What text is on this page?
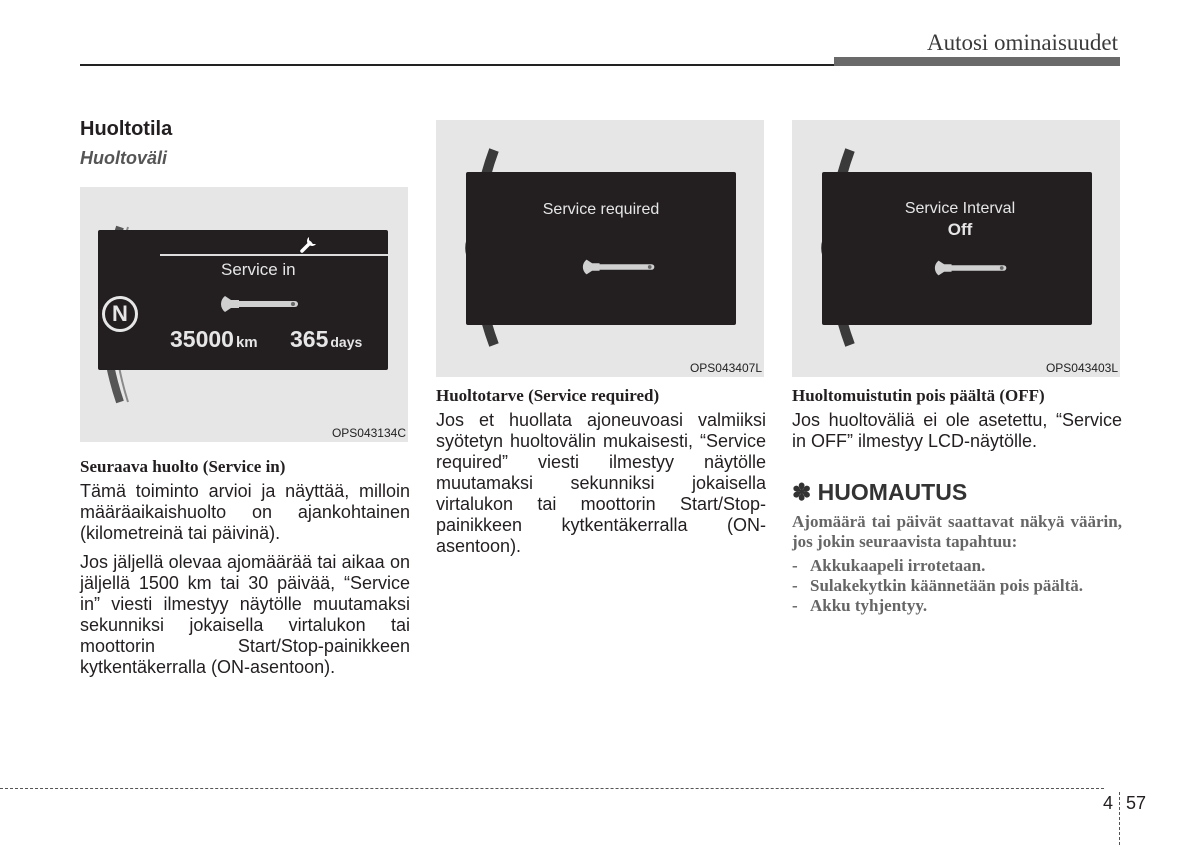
Autosi ominaisuudet
Huoltotila
Huoltoväli
Service in
N
35000 km 365 days
OPS043134C

Seuraava huolto (Service in)

Tämä toiminto arvioi ja näyttää, milloin määräaikaishuolto on ajankohtainen (kilometreinä tai päivinä).

Jos jäljellä olevaa ajomäärää tai aikaa on jäljellä 1500 km tai 30 päivää, “Service in” viesti ilmestyy näytölle muutamaksi sekunniksi jokaisella virtalukon tai moottorin Start/Stop-painikkeen kytkentäkerralla (ON-asentoon).

Service required
OPS043407L

Huoltotarve (Service required)

Jos et huollata ajoneuvoasi valmiiksi syötetyn huoltovälin mukaisesti, “Service required” viesti ilmestyy näytölle muutamaksi sekunniksi jokaisella virtalukon tai moottorin Start/Stop-painikkeen kytkentäkerralla (ON-asentoon).

Service Interval
Off
OPS043403L

Huoltomuistutin pois päältä (OFF)

Jos huoltoväliä ei ole asetettu, “Service in OFF” ilmestyy LCD-näytölle.

✽ HUOMAUTUS

Ajomäärä tai päivät saattavat näkyä väärin, jos jokin seuraavista tapahtuu:

- Akkukaapeli irrotetaan.
- Sulakekytkin käännetään pois päältä.
- Akku tyhjentyy.
4 57
